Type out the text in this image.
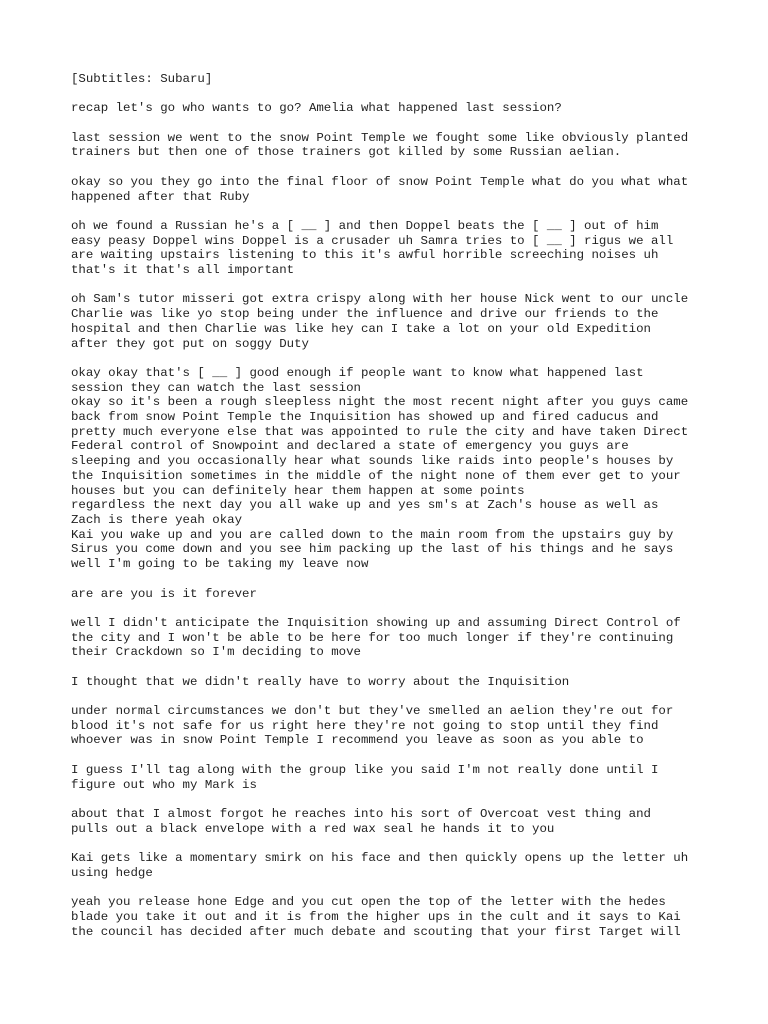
[Subtitles: Subaru]

recap let's go who wants to go? Amelia what happened last session?

last session we went to the snow Point Temple we fought some like obviously planted
trainers but then one of those trainers got killed by some Russian aelian.

okay so you they go into the final floor of snow Point Temple what do you what what
happened after that Ruby

oh we found a Russian he's a [ __ ] and then Doppel beats the [ __ ] out of him
easy peasy Doppel wins Doppel is a crusader uh Samra tries to [ __ ] rigus we all
are waiting upstairs listening to this it's awful horrible screeching noises uh
that's it that's all important

oh Sam's tutor misseri got extra crispy along with her house Nick went to our uncle
Charlie was like yo stop being under the influence and drive our friends to the
hospital and then Charlie was like hey can I take a lot on your old Expedition
after they got put on soggy Duty

okay okay that's [ __ ] good enough if people want to know what happened last
session they can watch the last session

okay so it's been a rough sleepless night the most recent night after you guys came
back from snow Point Temple the Inquisition has showed up and fired caducus and
pretty much everyone else that was appointed to rule the city and have taken Direct
Federal control of Snowpoint and declared a state of emergency you guys are
sleeping and you occasionally hear what sounds like raids into people's houses by
the Inquisition sometimes in the middle of the night none of them ever get to your
houses but you can definitely hear them happen at some points

regardless the next day you all wake up and yes sm's at Zach's house as well as
Zach is there yeah okay

Kai you wake up and you are called down to the main room from the upstairs guy by
Sirus you come down and you see him packing up the last of his things and he says
well I'm going to be taking my leave now

are are you is it forever

well I didn't anticipate the Inquisition showing up and assuming Direct Control of
the city and I won't be able to be here for too much longer if they're continuing
their Crackdown so I'm deciding to move

I thought that we didn't really have to worry about the Inquisition

under normal circumstances we don't but they've smelled an aelion they're out for
blood it's not safe for us right here they're not going to stop until they find
whoever was in snow Point Temple I recommend you leave as soon as you able to

I guess I'll tag along with the group like you said I'm not really done until I
figure out who my Mark is

about that I almost forgot he reaches into his sort of Overcoat vest thing and
pulls out a black envelope with a red wax seal he hands it to you

Kai gets like a momentary smirk on his face and then quickly opens up the letter uh
using hedge

yeah you release hone Edge and you cut open the top of the letter with the hedes
blade you take it out and it is from the higher ups in the cult and it says to Kai
the council has decided after much debate and scouting that your first Target will
